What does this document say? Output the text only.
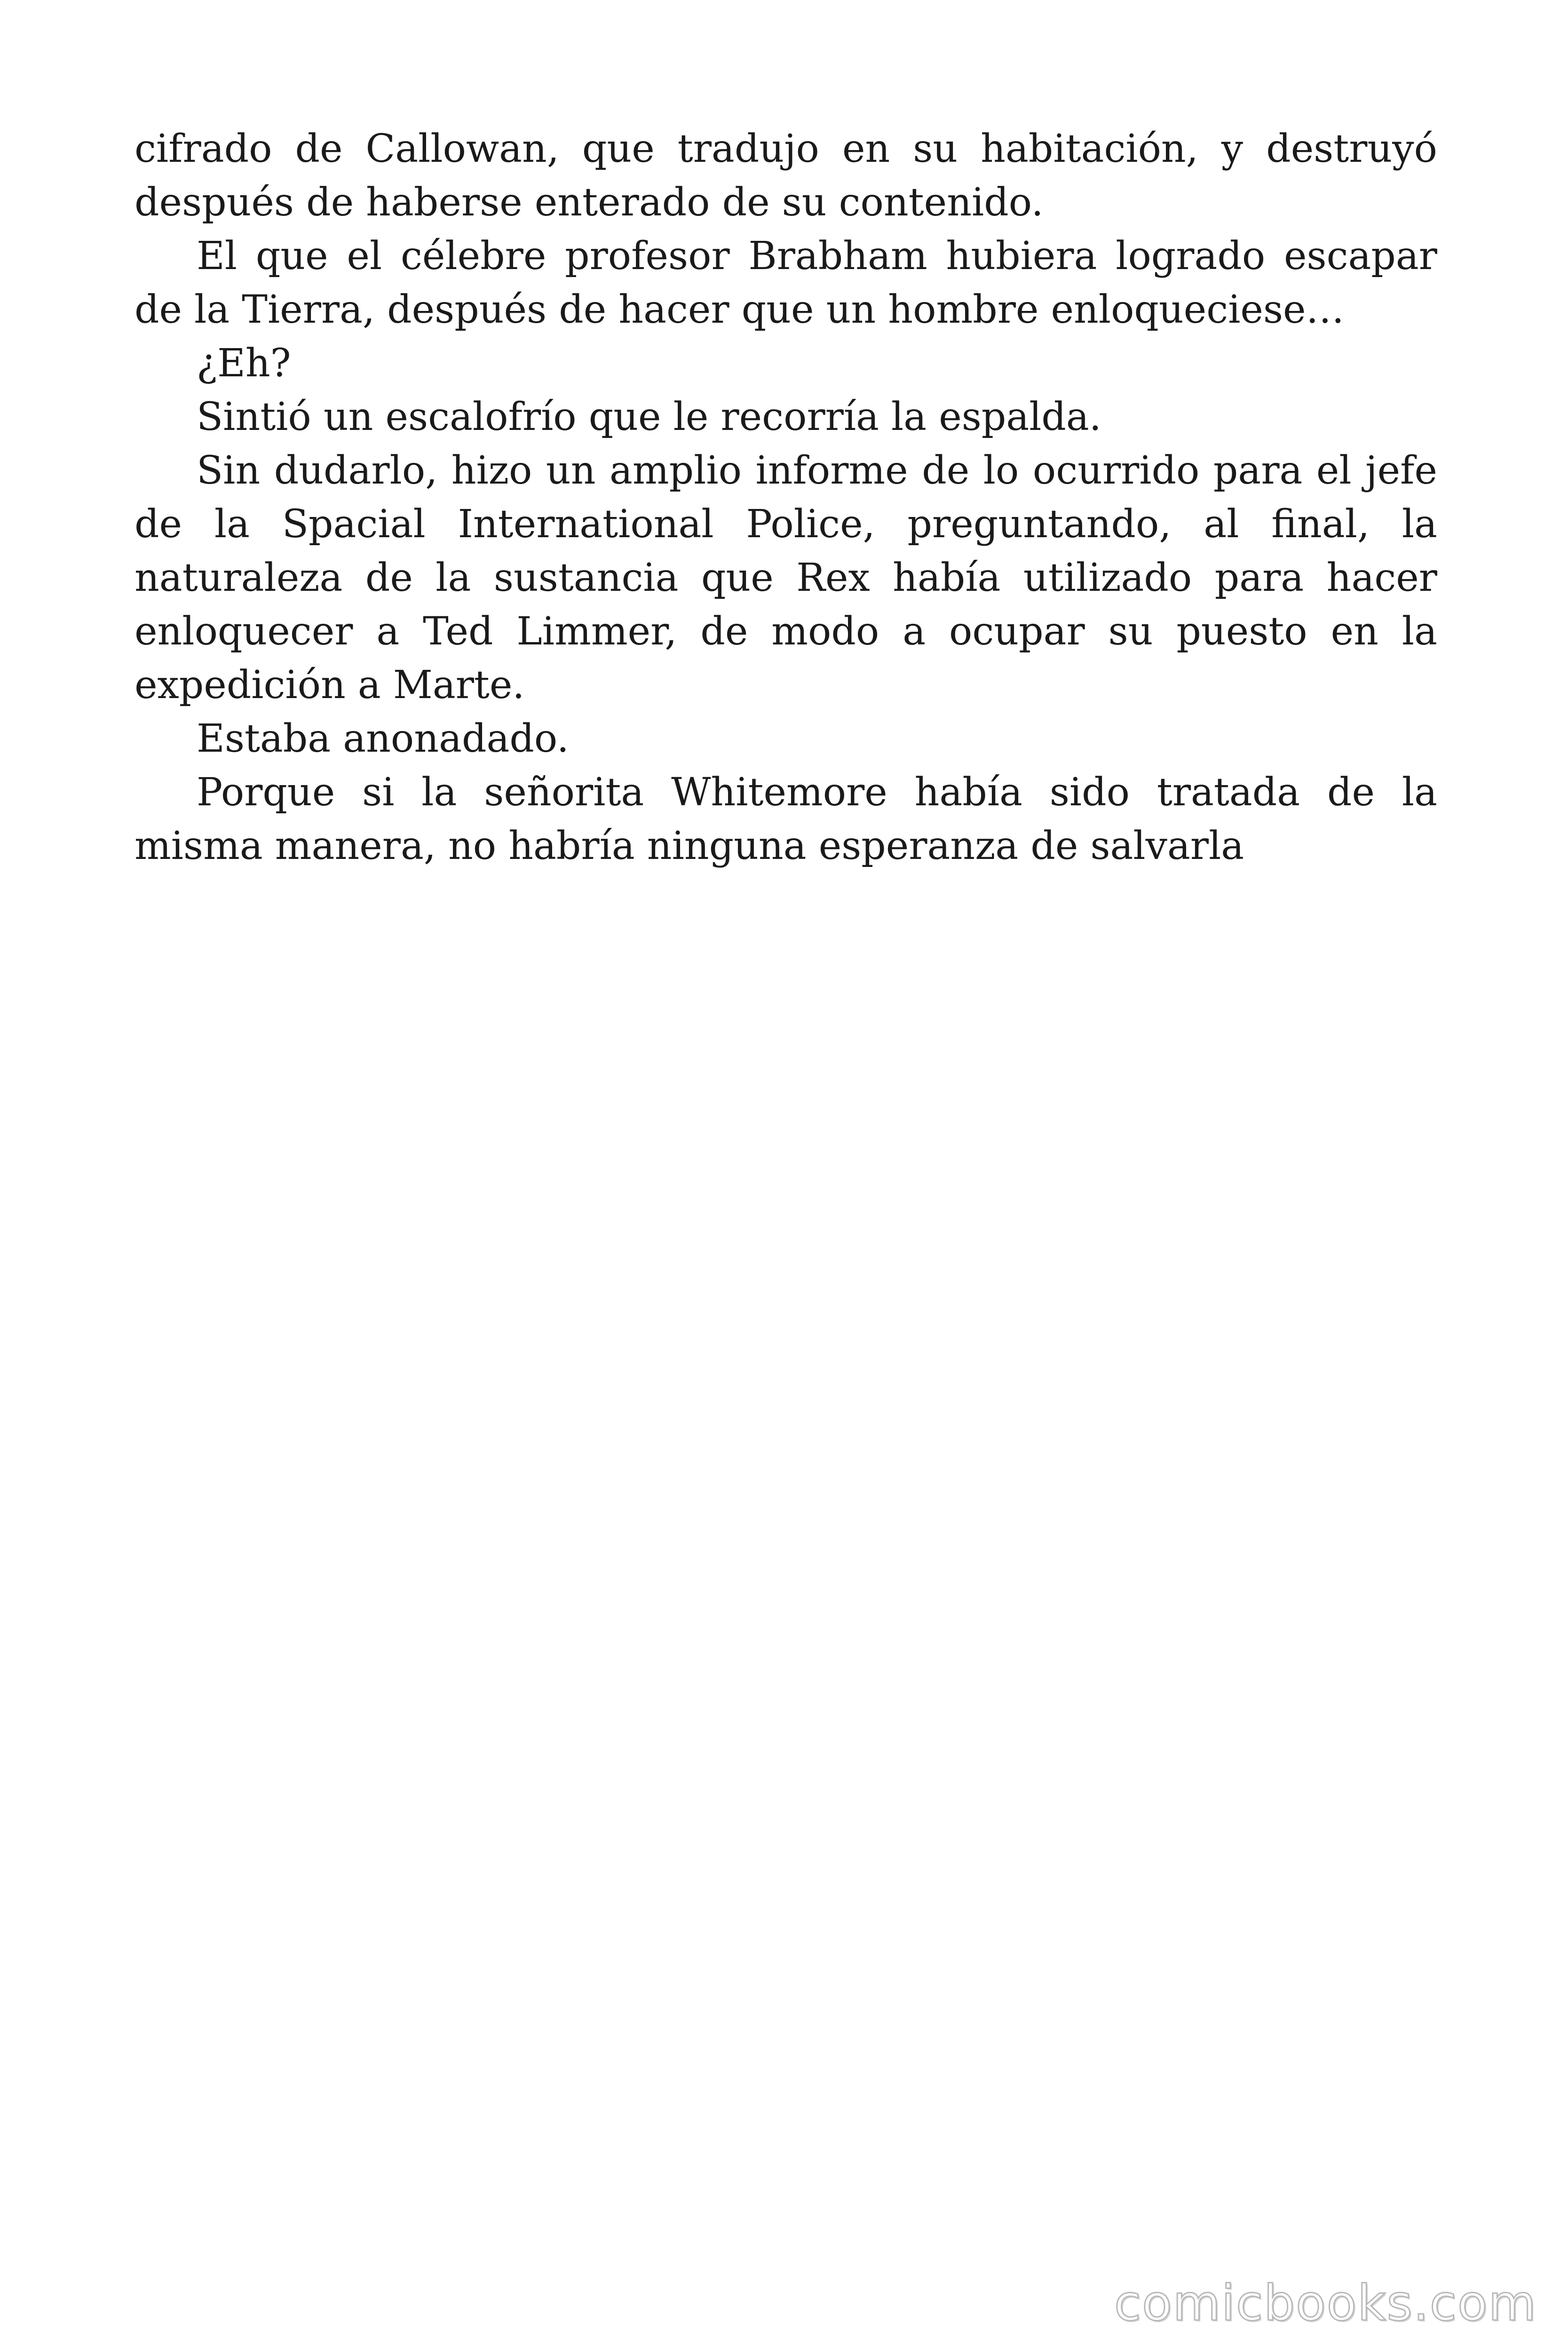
cifrado de Callowan, que tradujo en su habitación, y destruyó después de haberse enterado de su contenido.

El que el célebre profesor Brabham hubiera logrado escapar de la Tierra, después de hacer que un hombre enloqueciese…

¿Eh?

Sintió un escalofrío que le recorría la espalda.

Sin dudarlo, hizo un amplio informe de lo ocurrido para el jefe de la Spacial International Police, preguntando, al final, la naturaleza de la sustancia que Rex había utilizado para hacer enloquecer a Ted Limmer, de modo a ocupar su puesto en la expedición a Marte.

Estaba anonadado.

Porque si la señorita Whitemore había sido tratada de la misma manera, no habría ninguna esperanza de salvarla

comicbooks.com
